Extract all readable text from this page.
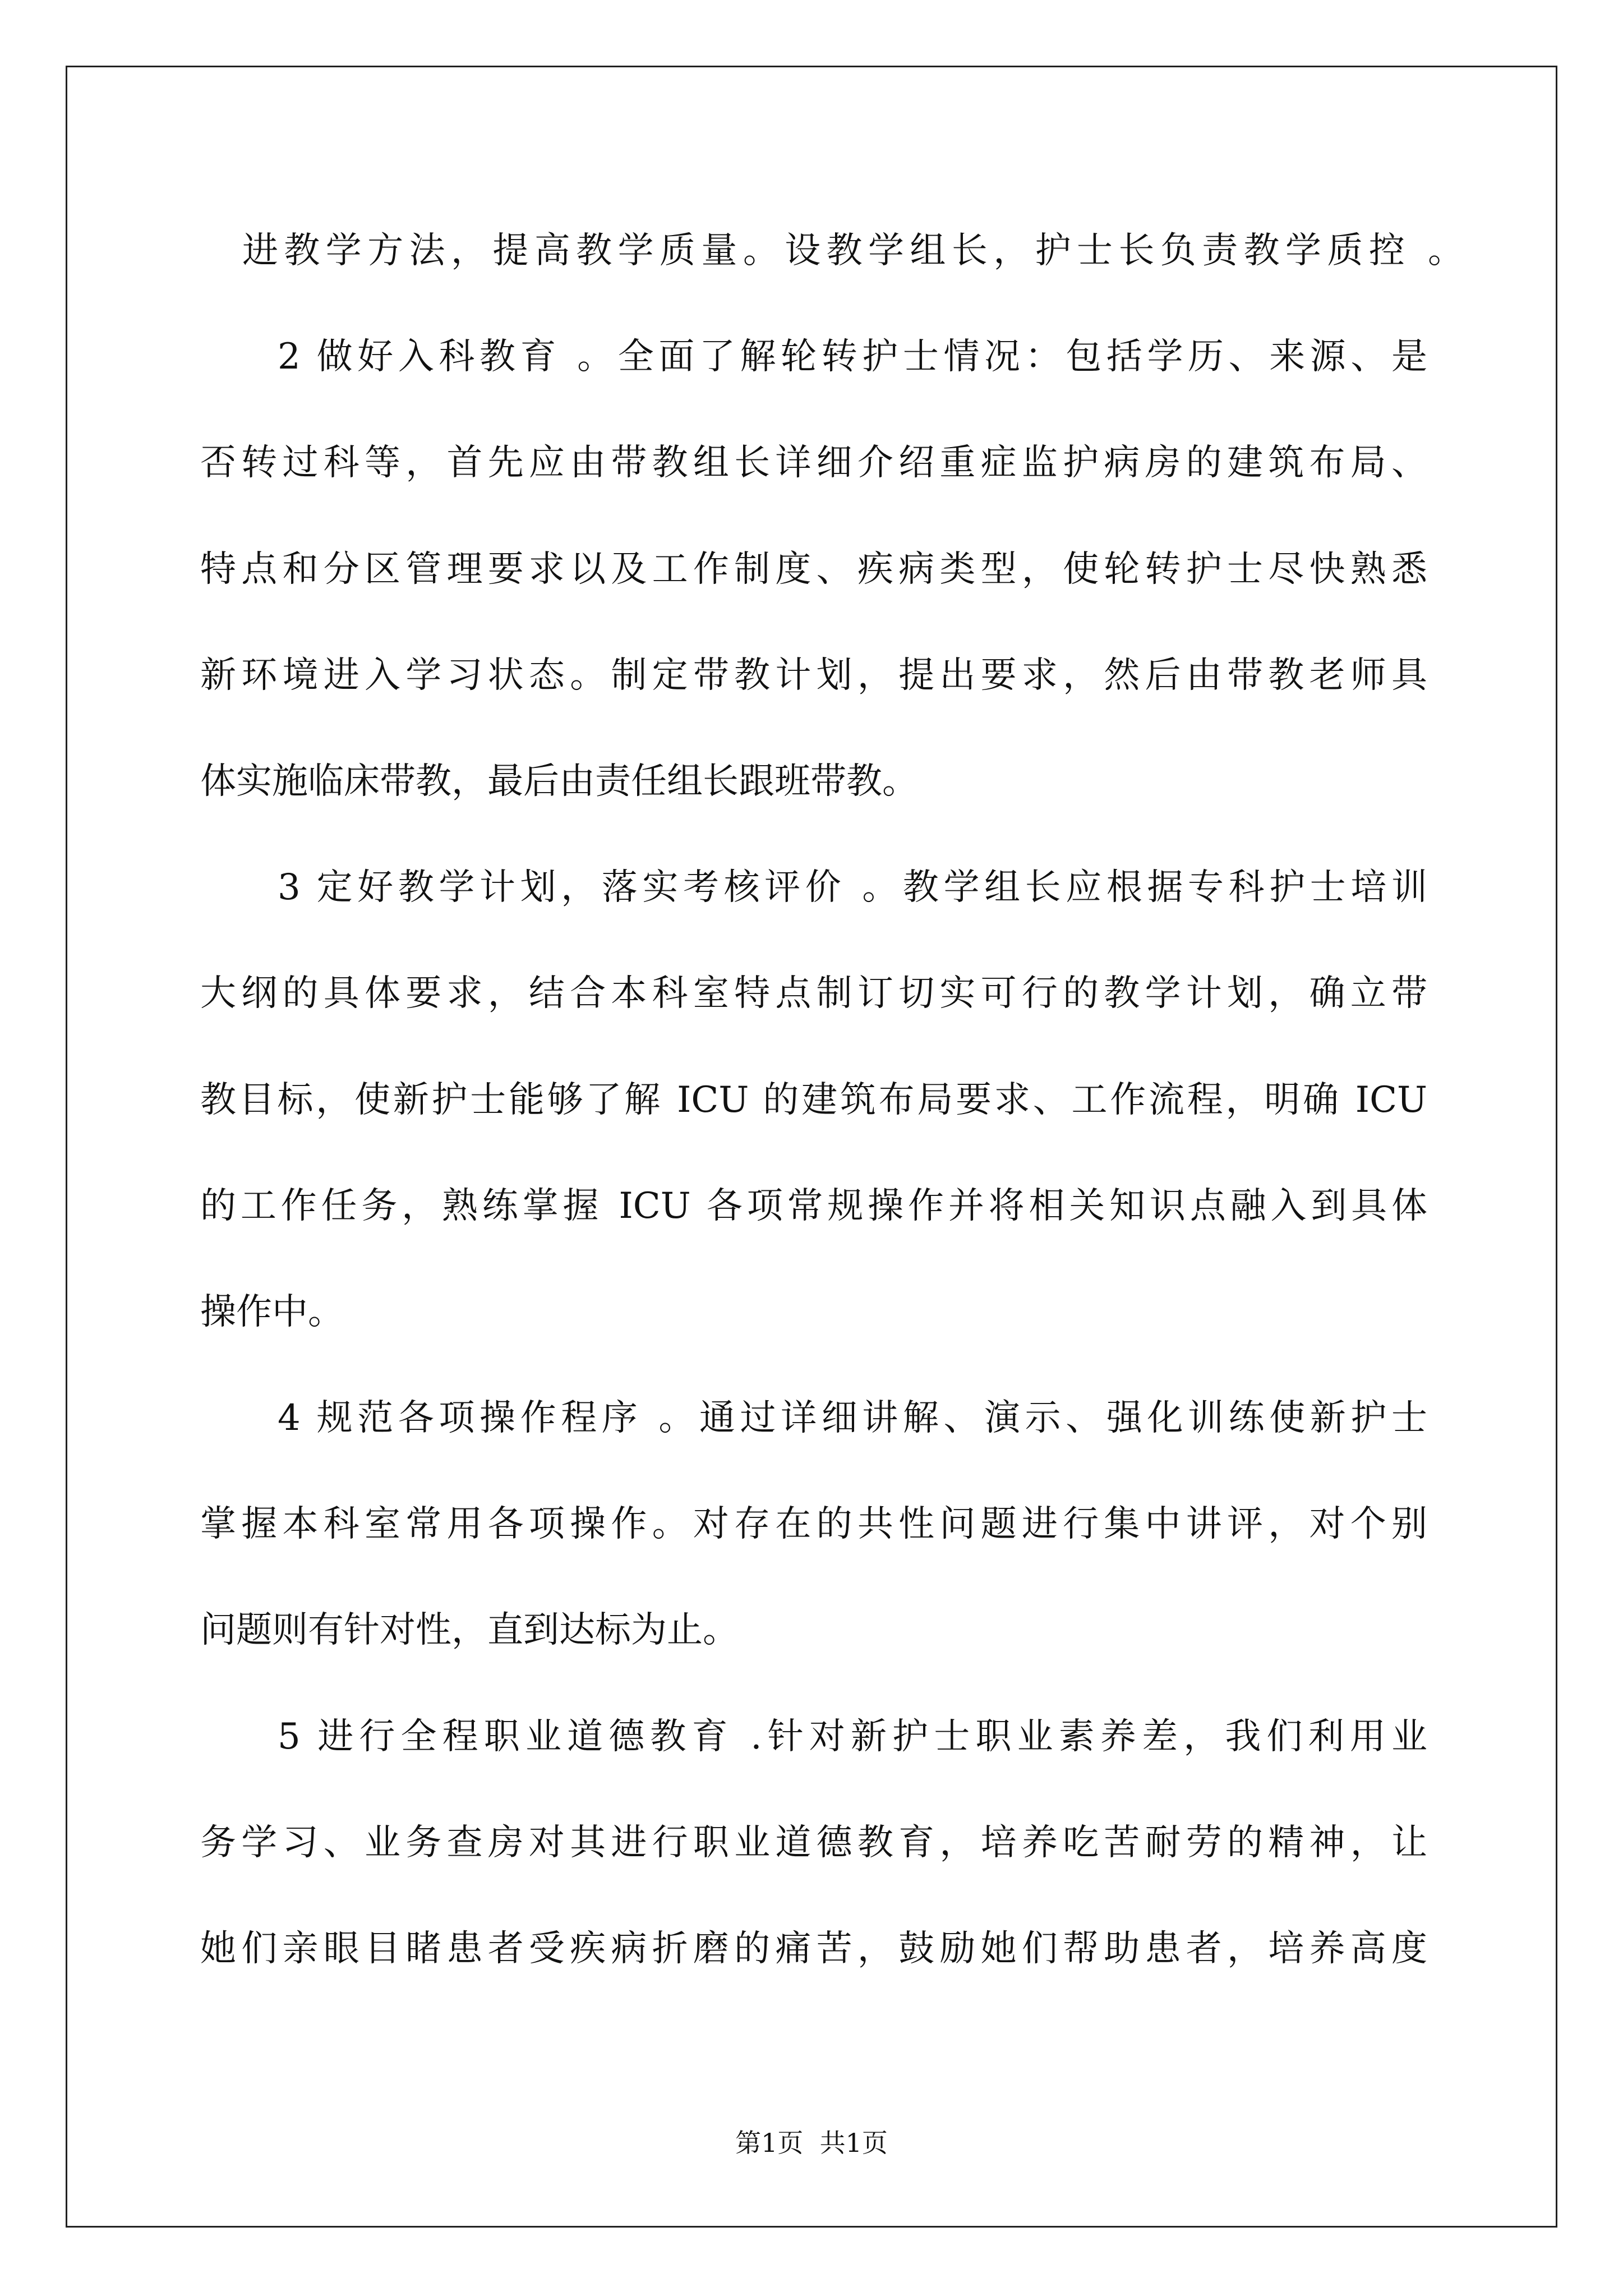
进教学方法，提高教学质量。设教学组长，护士长负责教学质控 。
2 做好入科教育 。全面了解轮转护士情况：包括学历、来源、是
否转过科等，首先应由带教组长详细介绍重症监护病房的建筑布局、
特点和分区管理要求以及工作制度、疾病类型，使轮转护士尽快熟悉
新环境进入学习状态。制定带教计划，提出要求，然后由带教老师具
体实施临床带教，最后由责任组长跟班带教。
3 定好教学计划，落实考核评价 。教学组长应根据专科护士培训
大纲的具体要求，结合本科室特点制订切实可行的教学计划，确立带
教目标，使新护士能够了解 ICU 的建筑布局要求、工作流程，明确 ICU
的工作任务，熟练掌握 ICU 各项常规操作并将相关知识点融入到具体
操作中。
4 规范各项操作程序 。通过详细讲解、演示、强化训练使新护士
掌握本科室常用各项操作。对存在的共性问题进行集中讲评，对个别
问题则有针对性，直到达标为止。
5 进行全程职业道德教育 .针对新护士职业素养差，我们利用业
务学习、业务查房对其进行职业道德教育，培养吃苦耐劳的精神，让
她们亲眼目睹患者受疾病折磨的痛苦，鼓励她们帮助患者，培养高度
第1页  共1页
